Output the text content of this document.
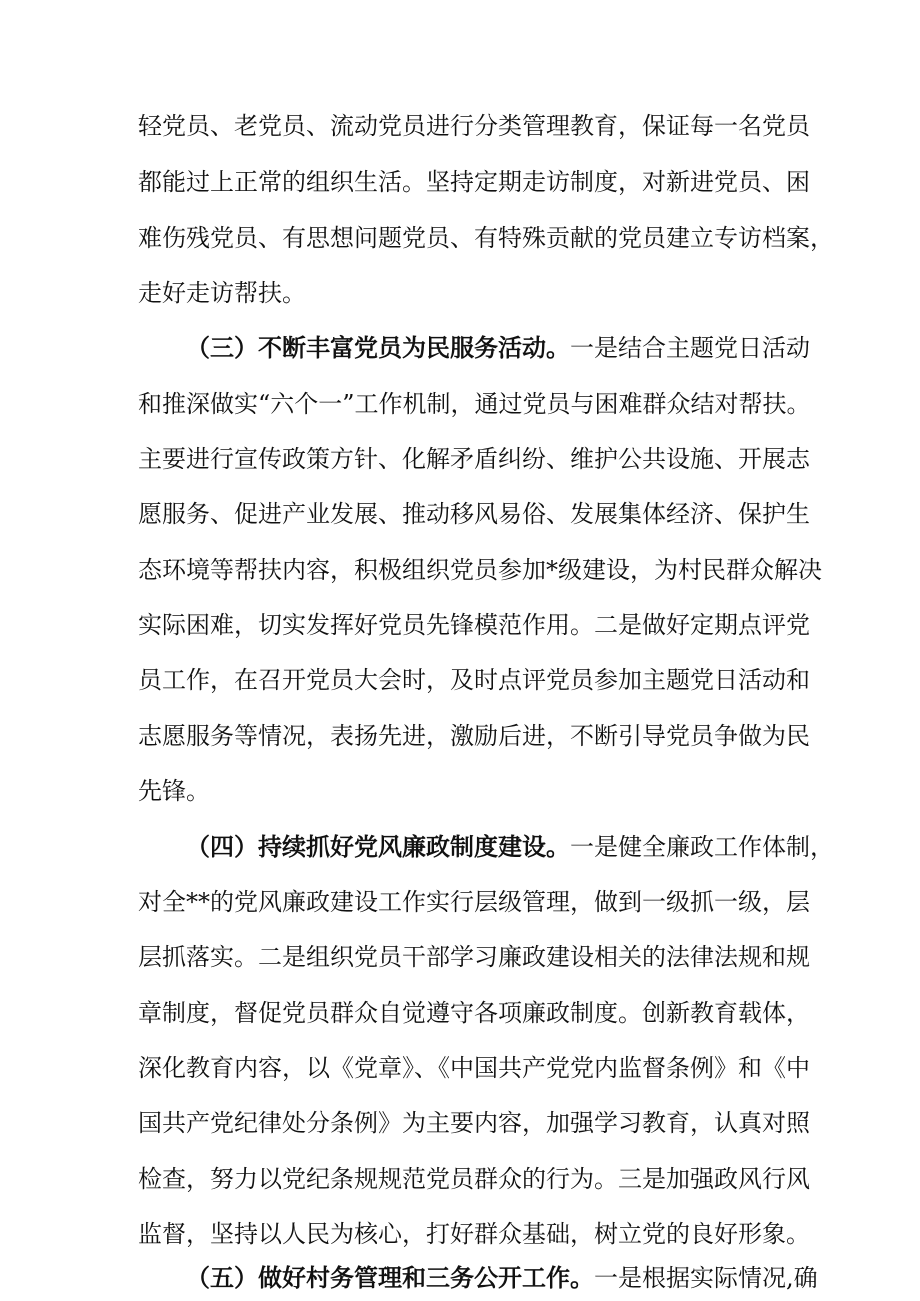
轻党员、老党员、流动党员进行分类管理教育，保证每一名党员
都能过上正常的组织生活。坚持定期走访制度，对新进党员、困
难伤残党员、有思想问题党员、有特殊贡献的党员建立专访档案，
走好走访帮扶。
（三）不断丰富党员为民服务活动。一是结合主题党日活动
和推深做实“六个一”工作机制，通过党员与困难群众结对帮扶。
主要进行宣传政策方针、化解矛盾纠纷、维护公共设施、开展志
愿服务、促进产业发展、推动移风易俗、发展集体经济、保护生
态环境等帮扶内容，积极组织党员参加*级建设，为村民群众解决
实际困难，切实发挥好党员先锋模范作用。二是做好定期点评党
员工作，在召开党员大会时，及时点评党员参加主题党日活动和
志愿服务等情况，表扬先进，激励后进，不断引导党员争做为民
先锋。
（四）持续抓好党风廉政制度建设。一是健全廉政工作体制，
对全**的党风廉政建设工作实行层级管理，做到一级抓一级，层
层抓落实。二是组织党员干部学习廉政建设相关的法律法规和规
章制度，督促党员群众自觉遵守各项廉政制度。创新教育载体，
深化教育内容，以《党章》、《中国共产党党内监督条例》和《中
国共产党纪律处分条例》为主要内容，加强学习教育，认真对照
检查，努力以党纪条规规范党员群众的行为。三是加强政风行风
监督，坚持以人民为核心，打好群众基础，树立党的良好形象。
（五）做好村务管理和三务公开工作。一是根据实际情况,确
